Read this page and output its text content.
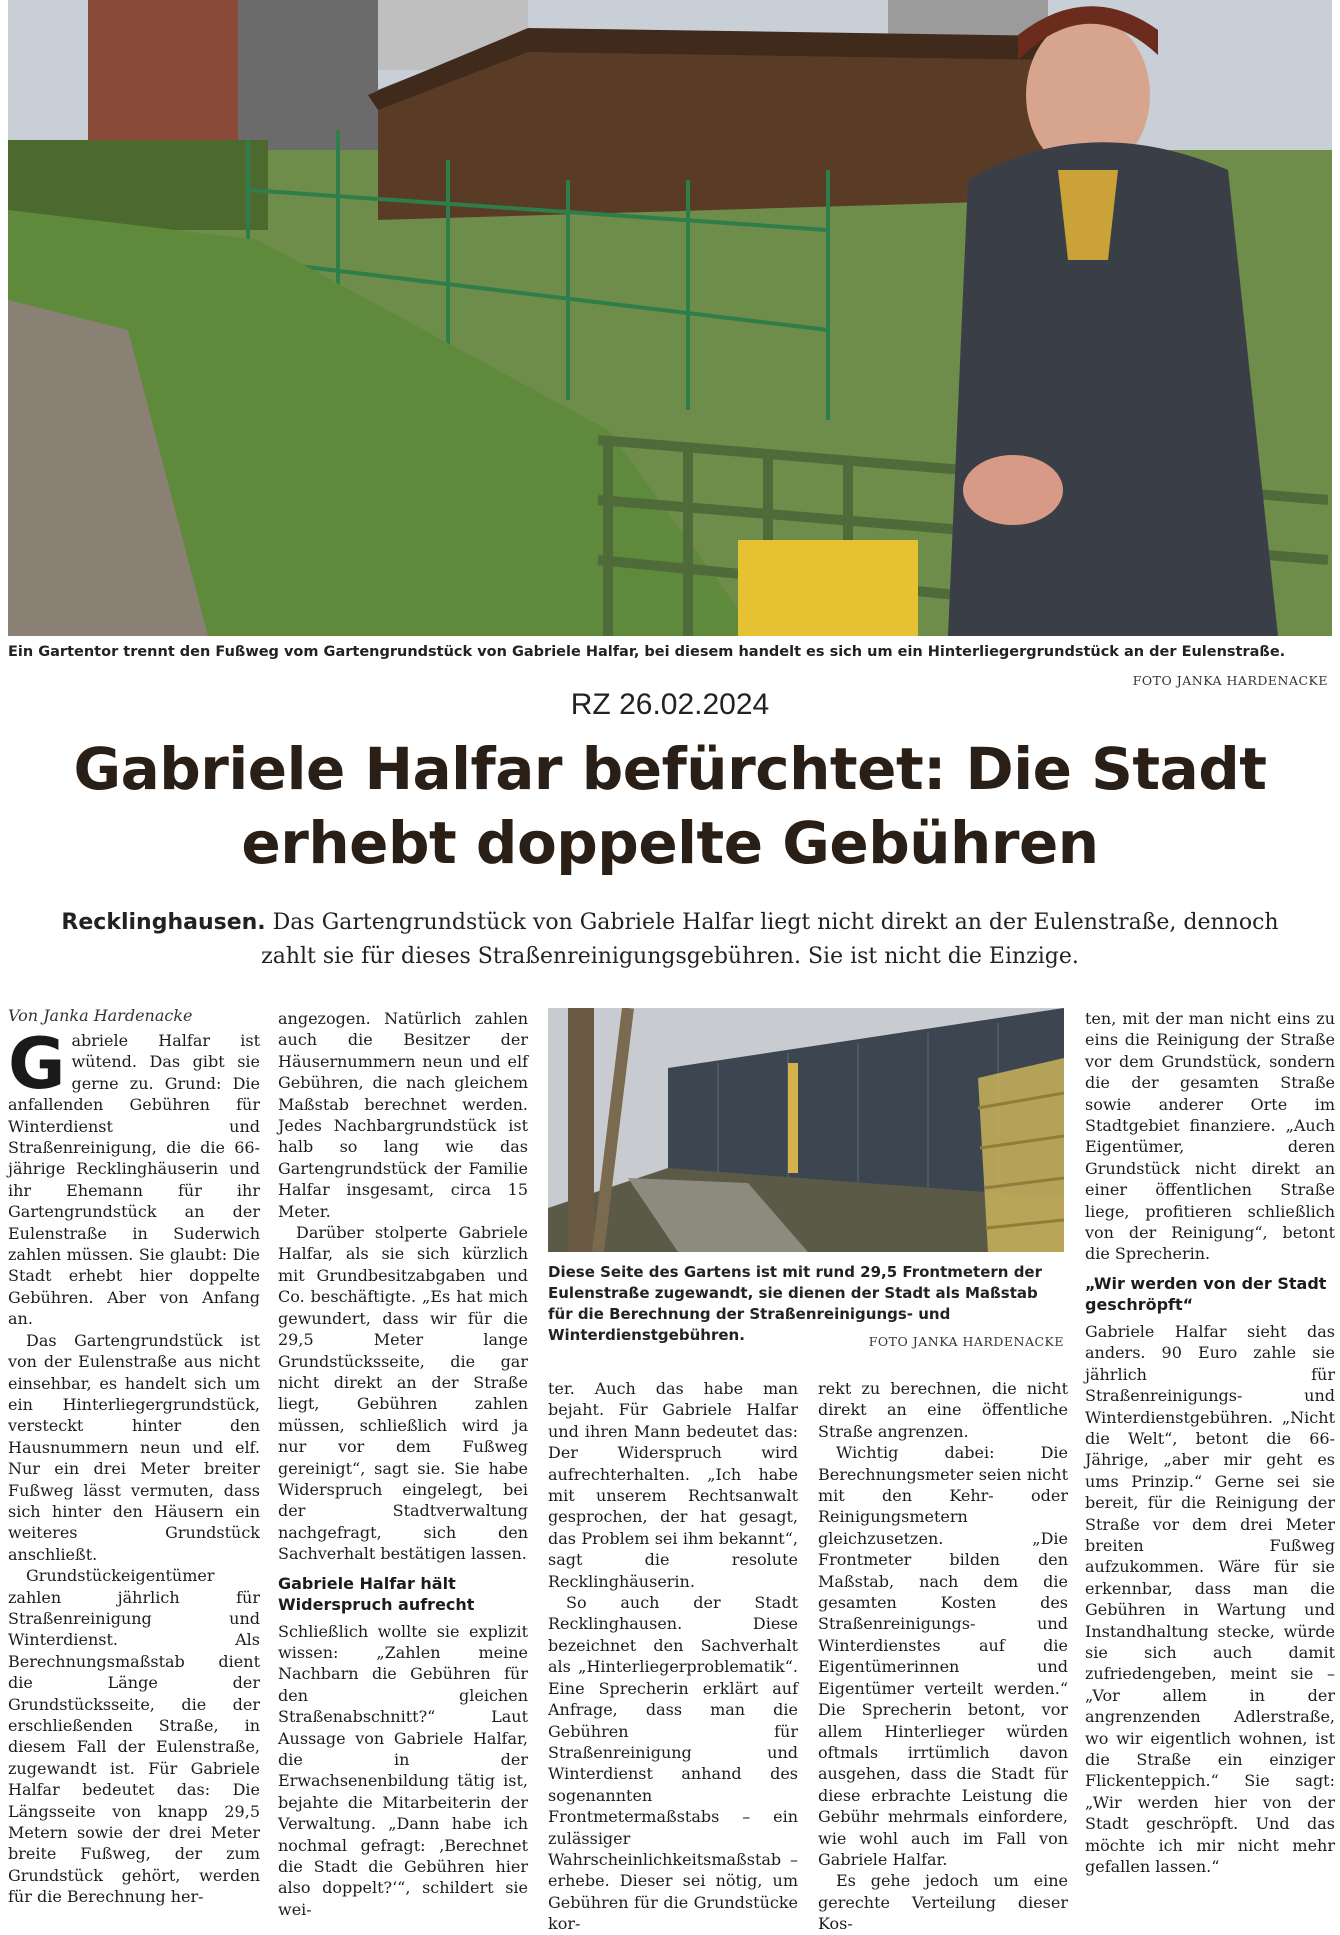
Ein Gartentor trennt den Fußweg vom Gartengrundstück von Gabriele Halfar, bei diesem handelt es sich um ein Hinterliegergrundstück an der Eulenstraße.
FOTO JANKA HARDENACKE
RZ 26.02.2024
Gabriele Halfar befürchtet: Die Stadt
erhebt doppelte Gebühren
Recklinghausen. Das Gartengrundstück von Gabriele Halfar liegt nicht direkt an der Eulenstraße, dennoch zahlt sie für dieses Straßenreinigungsgebühren. Sie ist nicht die Einzige.
Von Janka Hardenacke

Gabriele Halfar ist wütend. Das gibt sie gerne zu. Grund: Die anfallenden Gebühren für Winterdienst und Straßenreinigung, die die 66-jährige Recklinghäuserin und ihr Ehemann für ihr Gartengrundstück an der Eulenstraße in Suderwich zahlen müssen. Sie glaubt: Die Stadt erhebt hier doppelte Gebühren. Aber von Anfang an.

Das Gartengrundstück ist von der Eulenstraße aus nicht einsehbar, es handelt sich um ein Hinterliegergrundstück, versteckt hinter den Hausnummern neun und elf. Nur ein drei Meter breiter Fußweg lässt vermuten, dass sich hinter den Häusern ein weiteres Grundstück anschließt.

Grundstückeigentümer zahlen jährlich für Straßenreinigung und Winterdienst. Als Berechnungsmaßstab dient die Länge der Grundstücksseite, die der erschließenden Straße, in diesem Fall der Eulenstraße, zugewandt ist. Für Gabriele Halfar bedeutet das: Die Längsseite von knapp 29,5 Metern sowie der drei Meter breite Fußweg, der zum Grundstück gehört, werden für die Berechnung her-

angezogen. Natürlich zahlen auch die Besitzer der Häusernummern neun und elf Gebühren, die nach gleichem Maßstab berechnet werden. Jedes Nachbargrundstück ist halb so lang wie das Gartengrundstück der Familie Halfar insgesamt, circa 15 Meter.

Darüber stolperte Gabriele Halfar, als sie sich kürzlich mit Grundbesitzabgaben und Co. beschäftigte. „Es hat mich gewundert, dass wir für die 29,5 Meter lange Grundstücksseite, die gar nicht direkt an der Straße liegt, Gebühren zahlen müssen, schließlich wird ja nur vor dem Fußweg gereinigt“, sagt sie. Sie habe Widerspruch eingelegt, bei der Stadtverwaltung nachgefragt, sich den Sachverhalt bestätigen lassen.

Gabriele Halfar hält Widerspruch aufrecht

Schließlich wollte sie explizit wissen: „Zahlen meine Nachbarn die Gebühren für den gleichen Straßenabschnitt?“ Laut Aussage von Gabriele Halfar, die in der Erwachsenenbildung tätig ist, bejahte die Mitarbeiterin der Verwaltung. „Dann habe ich nochmal gefragt: ‚Berechnet die Stadt die Gebühren hier also doppelt?‘“, schildert sie wei-

Diese Seite des Gartens ist mit rund 29,5 Frontmetern der Eulenstraße zugewandt, sie dienen der Stadt als Maßstab für die Berechnung der Straßenreinigungs- und Winterdienstgebühren.	FOTO JANKA HARDENACKE

ter. Auch das habe man bejaht. Für Gabriele Halfar und ihren Mann bedeutet das: Der Widerspruch wird aufrechterhalten. „Ich habe mit unserem Rechtsanwalt gesprochen, der hat gesagt, das Problem sei ihm bekannt“, sagt die resolute Recklinghäuserin.

So auch der Stadt Recklinghausen. Diese bezeichnet den Sachverhalt als „Hinterliegerproblematik“. Eine Sprecherin erklärt auf Anfrage, dass man die Gebühren für Straßenreinigung und Winterdienst anhand des sogenannten Frontmetermaßstabs – ein zulässiger Wahrscheinlichkeitsmaßstab – erhebe. Dieser sei nötig, um Gebühren für die Grundstücke kor-

rekt zu berechnen, die nicht direkt an eine öffentliche Straße angrenzen.

Wichtig dabei: Die Berechnungsmeter seien nicht mit den Kehr- oder Reinigungsmetern gleichzusetzen. „Die Frontmeter bilden den Maßstab, nach dem die gesamten Kosten des Straßenreinigungs- und Winterdienstes auf die Eigentümerinnen und Eigentümer verteilt werden.“ Die Sprecherin betont, vor allem Hinterlieger würden oftmals irrtümlich davon ausgehen, dass die Stadt für diese erbrachte Leistung die Gebühr mehrmals einfordere, wie wohl auch im Fall von Gabriele Halfar.

Es gehe jedoch um eine gerechte Verteilung dieser Kos-

ten, mit der man nicht eins zu eins die Reinigung der Straße vor dem Grundstück, sondern die der gesamten Straße sowie anderer Orte im Stadtgebiet finanziere. „Auch Eigentümer, deren Grundstück nicht direkt an einer öffentlichen Straße liege, profitieren schließlich von der Reinigung“, betont die Sprecherin.

„Wir werden von der Stadt geschröpft“

Gabriele Halfar sieht das anders. 90 Euro zahle sie jährlich für Straßenreinigungs- und Winterdienstgebühren. „Nicht die Welt“, betont die 66-Jährige, „aber mir geht es ums Prinzip.“ Gerne sei sie bereit, für die Reinigung der Straße vor dem drei Meter breiten Fußweg aufzukommen. Wäre für sie erkennbar, dass man die Gebühren in Wartung und Instandhaltung stecke, würde sie sich auch damit zufriedengeben, meint sie – „Vor allem in der angrenzenden Adlerstraße, wo wir eigentlich wohnen, ist die Straße ein einziger Flickenteppich.“ Sie sagt: „Wir werden hier von der Stadt geschröpft. Und das möchte ich mir nicht mehr gefallen lassen.“
